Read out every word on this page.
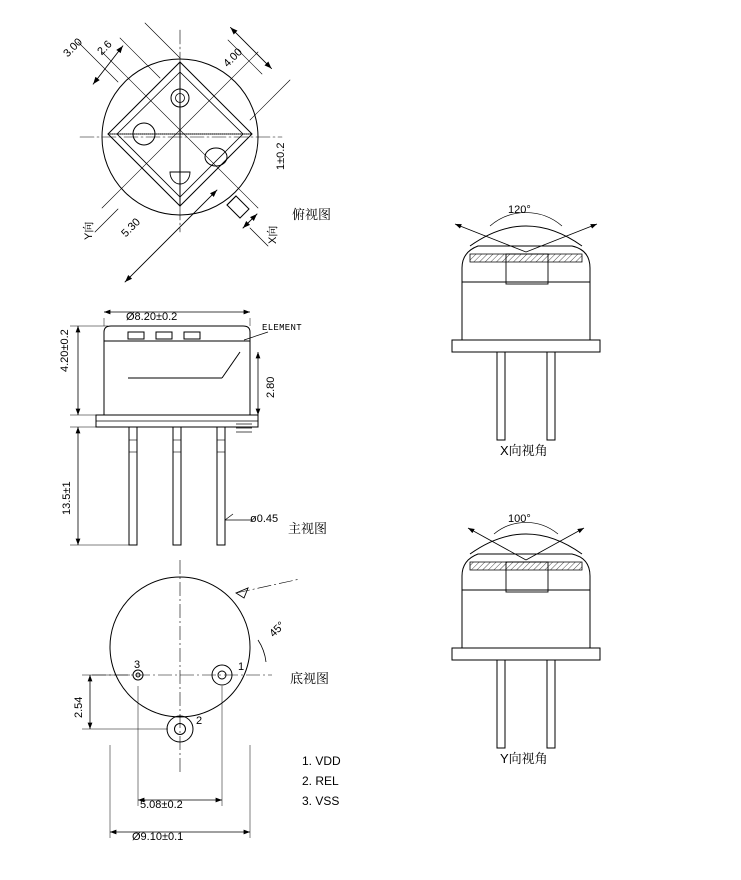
3.00 2.6	4.00
5.30
1±0.2
Y向	X向
俯视图
4.20±0.2
Ø8.20±0.2
ELEMENT
2.80
13.5±1
ø0.45
主视图
3	1
2
2.54
5.08±0.2
Ø9.10±0.1
45°
底视图
1. VDD
2. REL
3. VSS
120°
X向视角
100°
Y向视角
